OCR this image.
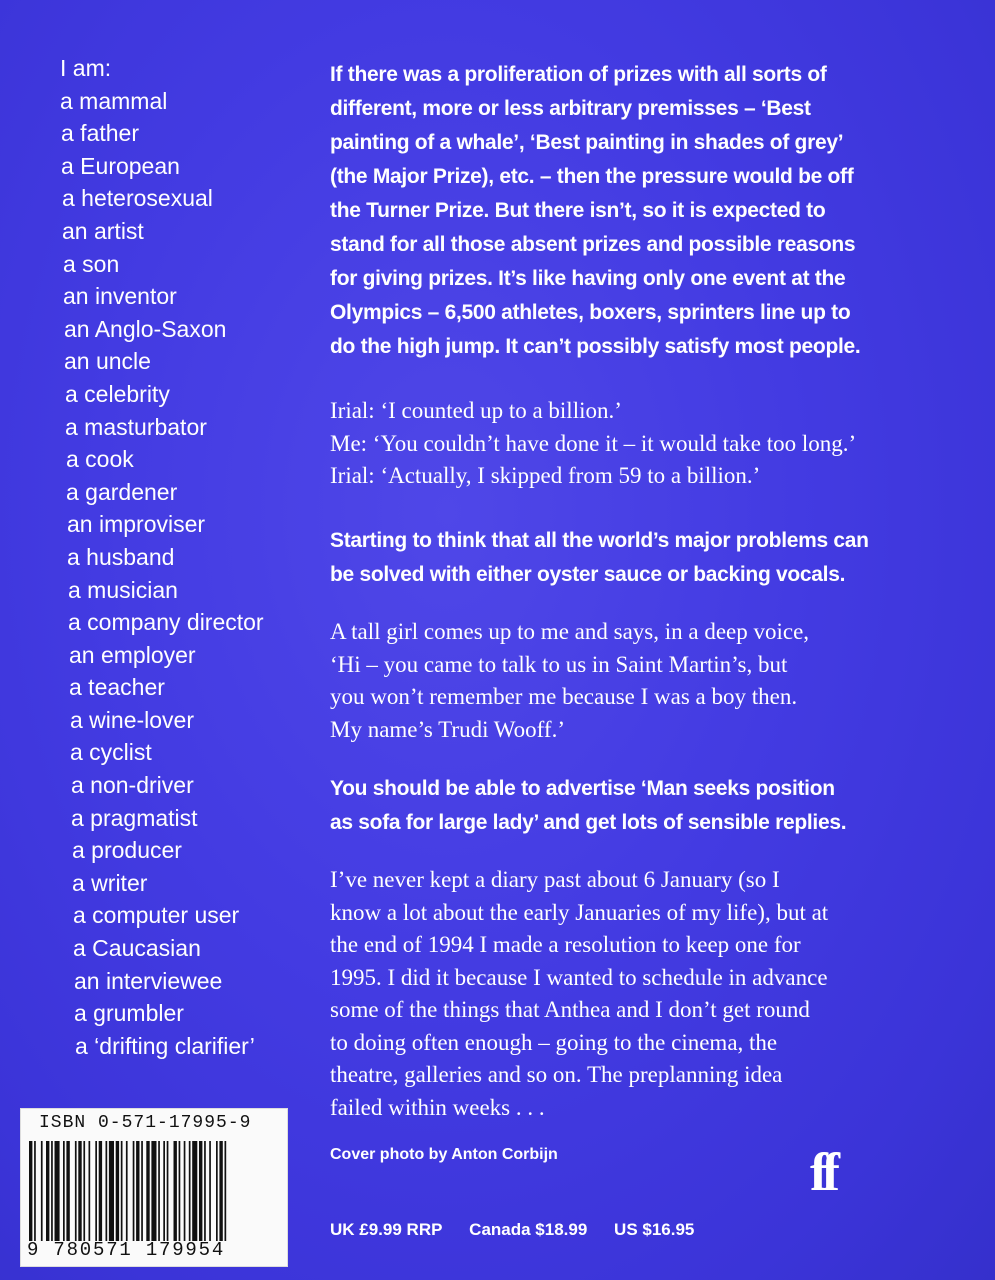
I am:
a mammal
a father
a European
a heterosexual
an artist
a son
an inventor
an Anglo-Saxon
an uncle
a celebrity
a masturbator
a cook
a gardener
an improviser
a husband
a musician
a company director
an employer
a teacher
a wine-lover
a cyclist
a non-driver
a pragmatist
a producer
a writer
a computer user
a Caucasian
an interviewee
a grumbler
a ‘drifting clarifier’
If there was a proliferation of prizes with all sorts of
different, more or less arbitrary premisses – ‘Best
painting of a whale’, ‘Best painting in shades of grey’
(the Major Prize), etc. – then the pressure would be off
the Turner Prize. But there isn’t, so it is expected to
stand for all those absent prizes and possible reasons
for giving prizes. It’s like having only one event at the
Olympics – 6,500 athletes, boxers, sprinters line up to
do the high jump. It can’t possibly satisfy most people.
Irial: ‘I counted up to a billion.’
Me: ‘You couldn’t have done it – it would take too long.’
Irial: ‘Actually, I skipped from 59 to a billion.’
Starting to think that all the world’s major problems can
be solved with either oyster sauce or backing vocals.
A tall girl comes up to me and says, in a deep voice,
‘Hi – you came to talk to us in Saint Martin’s, but
you won’t remember me because I was a boy then.
My name’s Trudi Wooff.’
You should be able to advertise ‘Man seeks position
as sofa for large lady’ and get lots of sensible replies.
I’ve never kept a diary past about 6 January (so I
know a lot about the early Januaries of my life), but at
the end of 1994 I made a resolution to keep one for
1995. I did it because I wanted to schedule in advance
some of the things that Anthea and I don’t get round
to doing often enough – going to the cinema, the
theatre, galleries and so on. The preplanning idea
failed within weeks . . .
Cover photo by Anton Corbijn
UK £9.99 RRP Canada $18.99 US $16.95
ff
ISBN 0-571-17995-9
9 780571 179954
